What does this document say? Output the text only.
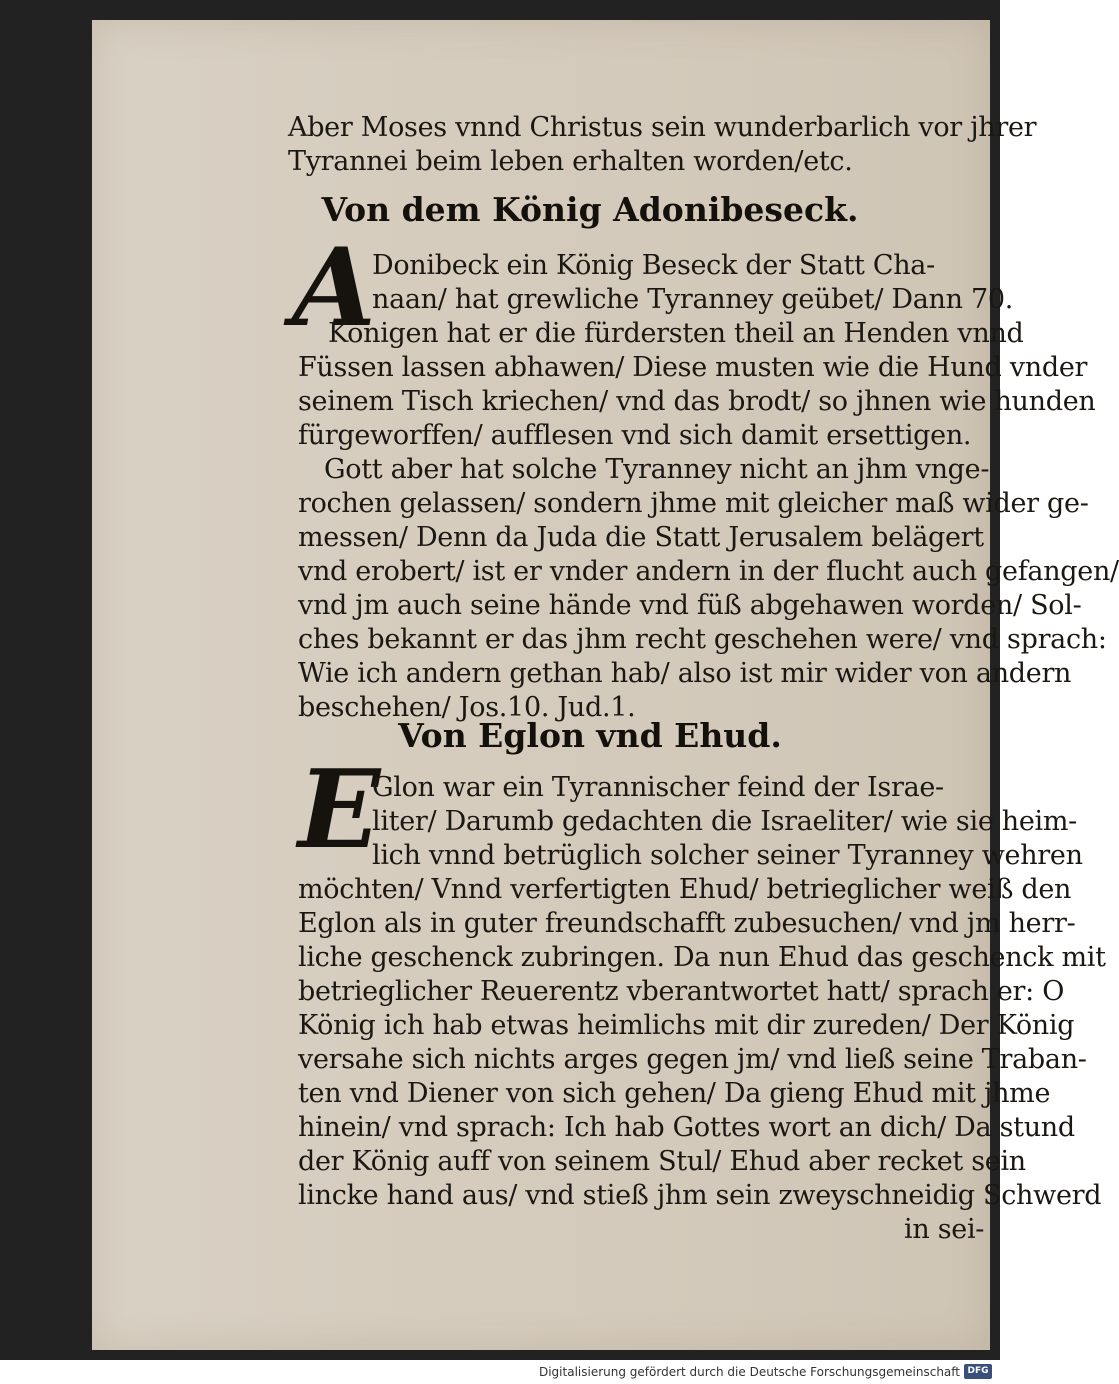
Aber Moses vnnd Christus sein wunderbarlich vor jhrer
Tyrannei beim leben erhalten worden/etc.
Von dem König Adonibeseck.
A
Donibeck ein König Beseck der Statt Cha-
naan/ hat grewliche Tyranney geübet/ Dann 70.
Königen hat er die fürdersten theil an Henden vnnd
Füssen lassen abhawen/ Diese musten wie die Hund vnder
seinem Tisch kriechen/ vnd das brodt/ so jhnen wie hunden
fürgeworffen/ aufflesen vnd sich damit ersettigen.
Gott aber hat solche Tyranney nicht an jhm vnge-
rochen gelassen/ sondern jhme mit gleicher maß wider ge-
messen/ Denn da Juda die Statt Jerusalem belägert
vnd erobert/ ist er vnder andern in der flucht auch gefangen/
vnd jm auch seine hände vnd füß abgehawen worden/ Sol-
ches bekannt er das jhm recht geschehen were/ vnd sprach:
Wie ich andern gethan hab/ also ist mir wider von andern
beschehen/ Jos.10. Jud.1.
Von Eglon vnd Ehud.
E
Glon war ein Tyrannischer feind der Israe-
liter/ Darumb gedachten die Israeliter/ wie sie heim-
lich vnnd betrüglich solcher seiner Tyranney wehren
möchten/ Vnnd verfertigten Ehud/ betrieglicher weiß den
Eglon als in guter freundschafft zubesuchen/ vnd jm herr-
liche geschenck zubringen. Da nun Ehud das geschenck mit
betrieglicher Reuerentz vberantwortet hatt/ sprach er: O
König ich hab etwas heimlichs mit dir zureden/ Der König
versahe sich nichts arges gegen jm/ vnd ließ seine Traban-
ten vnd Diener von sich gehen/ Da gieng Ehud mit jhme
hinein/ vnd sprach: Ich hab Gottes wort an dich/ Da stund
der König auff von seinem Stul/ Ehud aber recket sein
lincke hand aus/ vnd stieß jhm sein zweyschneidig Schwerd
in sei-
Digitalisierung gefördert durch die Deutsche Forschungsgemeinschaft DFG
